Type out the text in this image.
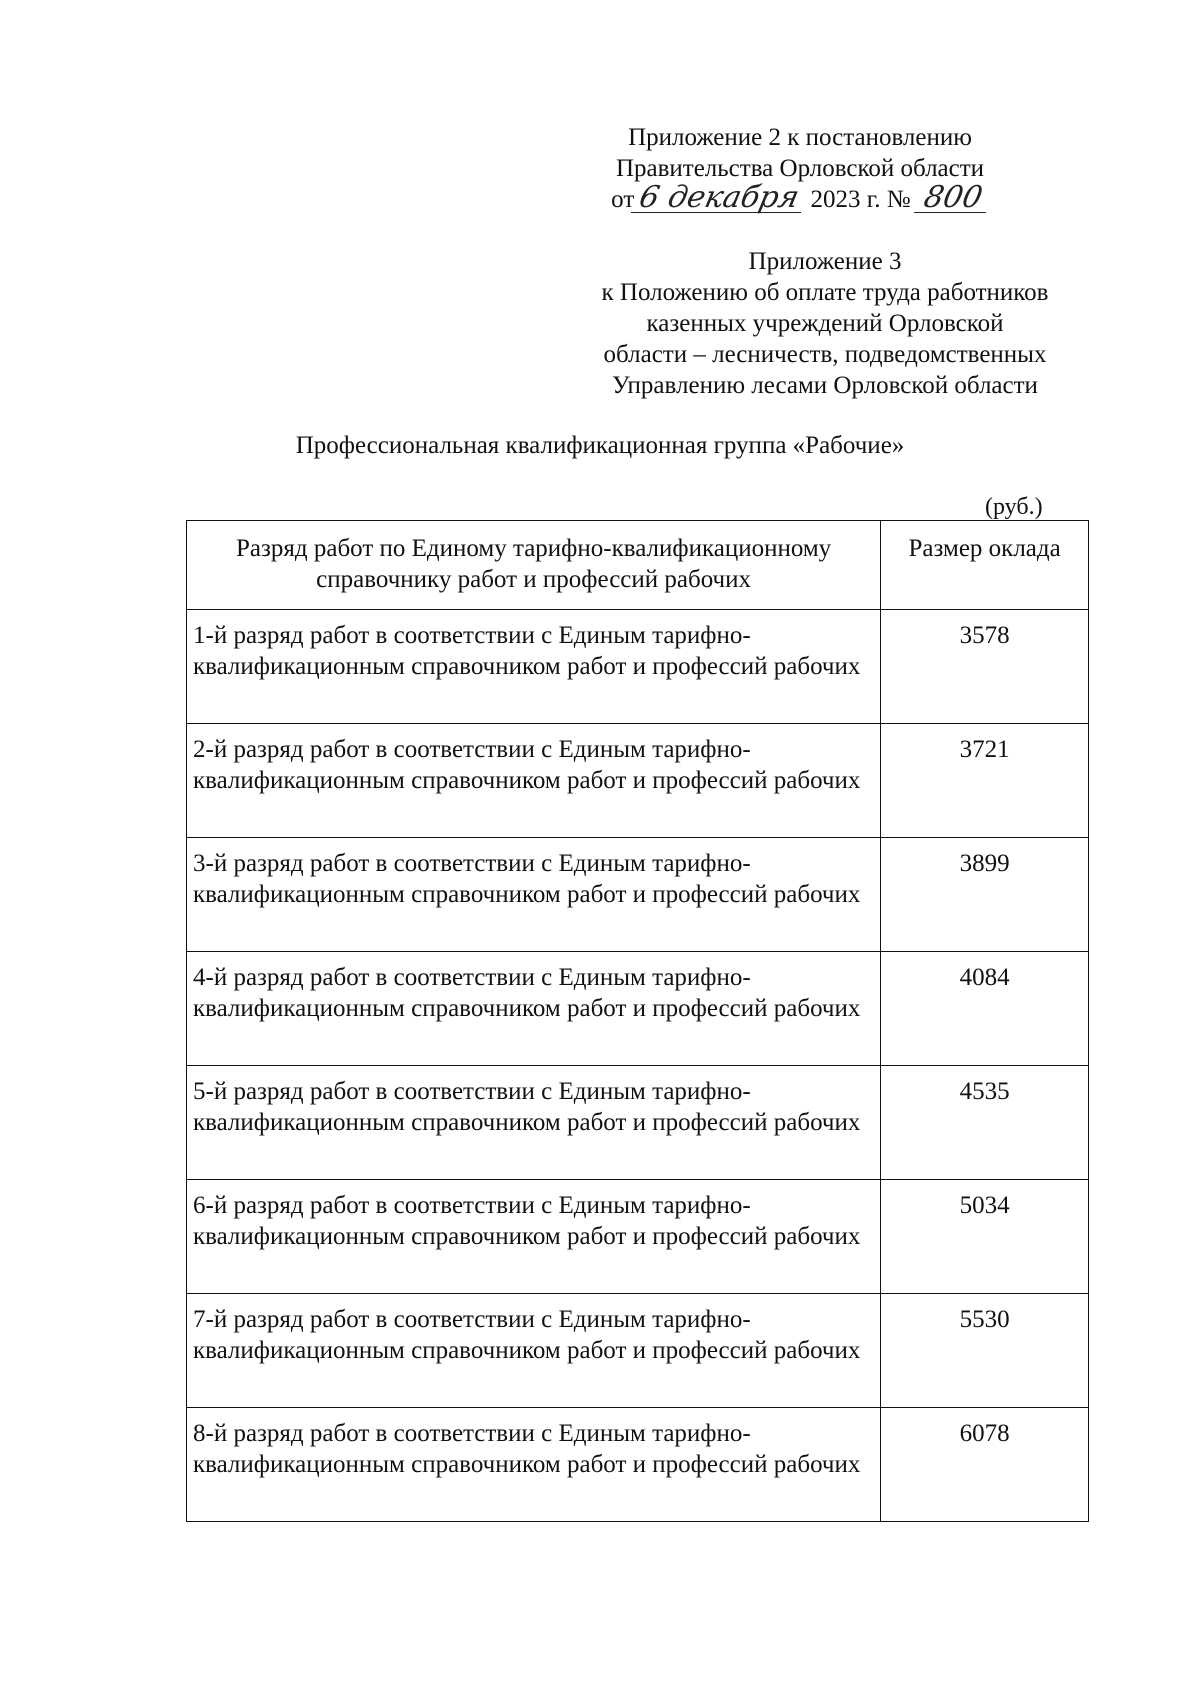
Приложение 2 к постановлению
Правительства Орловской области
от6 декабря 2023 г. № 800
Приложение 3
к Положению об оплате труда работников
казенных учреждений Орловской
области – лесничеств, подведомственных
Управлению лесами Орловской области
Профессиональная квалификационная группа «Рабочие»
(руб.)
Разряд работ по Единому тарифно-квалификационному справочнику работ и профессий рабочих	Размер оклада
1-й разряд работ в соответствии с Единым тарифно-квалификационным справочником работ и профессий рабочих	3578
2-й разряд работ в соответствии с Единым тарифно-квалификационным справочником работ и профессий рабочих	3721
3-й разряд работ в соответствии с Единым тарифно-квалификационным справочником работ и профессий рабочих	3899
4-й разряд работ в соответствии с Единым тарифно-квалификационным справочником работ и профессий рабочих	4084
5-й разряд работ в соответствии с Единым тарифно-квалификационным справочником работ и профессий рабочих	4535
6-й разряд работ в соответствии с Единым тарифно-квалификационным справочником работ и профессий рабочих	5034
7-й разряд работ в соответствии с Единым тарифно-квалификационным справочником работ и профессий рабочих	5530
8-й разряд работ в соответствии с Единым тарифно-квалификационным справочником работ и профессий рабочих	6078
